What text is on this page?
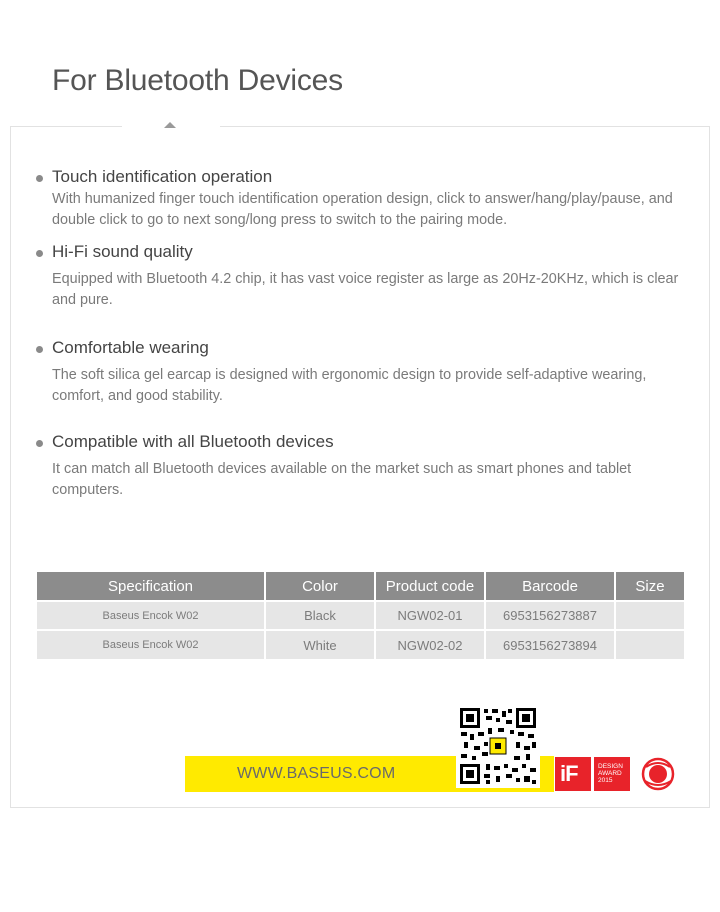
For Bluetooth Devices
Touch identification operation
With humanized finger touch identification operation design, click to answer/hang/play/pause, and double click to go to next song/long press to switch to the pairing mode.
Hi-Fi sound quality
Equipped with Bluetooth 4.2 chip, it has vast voice register as large as 20Hz-20KHz, which is clear and pure.
Comfortable wearing
The soft silica gel earcap is designed with ergonomic design to provide self-adaptive wearing, comfort, and good stability.
Compatible with all Bluetooth devices
It can match all Bluetooth devices available on the market such as smart phones and tablet computers.
Specification	Color	Product code	Barcode	Size
Baseus Encok W02	Black	NGW02-01	6953156273887	
Baseus Encok W02	White	NGW02-02	6953156273894	
WWW.BASEUS.COM	iF	DESIGN AWARD 2015
